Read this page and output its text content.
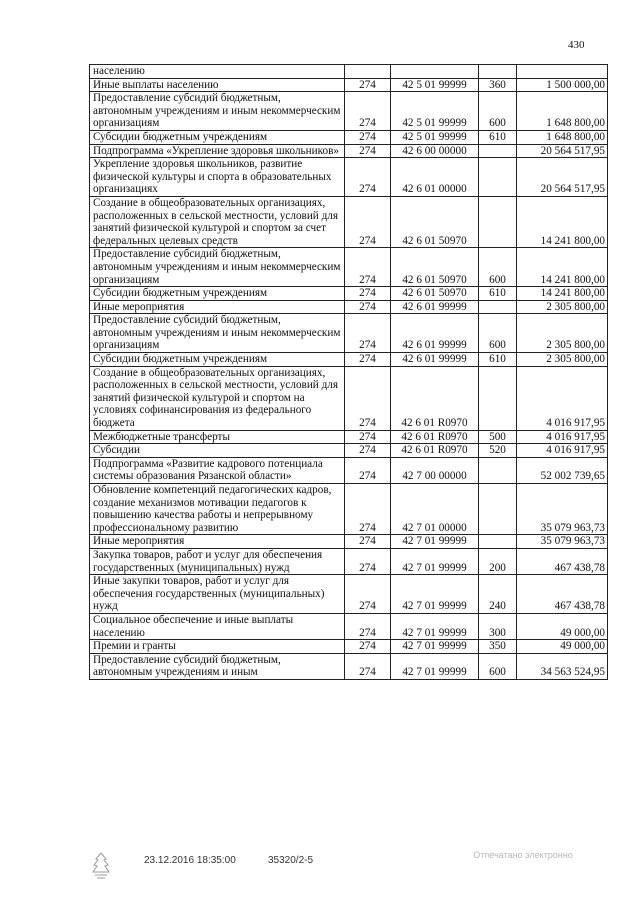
430
населению				
Иные выплаты населению	274	42 5 01 99999	360	1 500 000,00
Предоставление субсидий бюджетным, автономным учреждениям и иным некоммерческим организациям	274	42 5 01 99999	600	1 648 800,00
Субсидии бюджетным учреждениям	274	42 5 01 99999	610	1 648 800,00
Подпрограмма «Укрепление здоровья школьников»	274	42 6 00 00000		20 564 517,95
Укрепление здоровья школьников, развитие физической культуры и спорта в образовательных организациях	274	42 6 01 00000		20 564 517,95
Создание в общеобразовательных организациях, расположенных в сельской местности, условий для занятий физической культурой и спортом за счет федеральных целевых средств	274	42 6 01 50970		14 241 800,00
Предоставление субсидий бюджетным, автономным учреждениям и иным некоммерческим организациям	274	42 6 01 50970	600	14 241 800,00
Субсидии бюджетным учреждениям	274	42 6 01 50970	610	14 241 800,00
Иные мероприятия	274	42 6 01 99999		2 305 800,00
Предоставление субсидий бюджетным, автономным учреждениям и иным некоммерческим организациям	274	42 6 01 99999	600	2 305 800,00
Субсидии бюджетным учреждениям	274	42 6 01 99999	610	2 305 800,00
Создание в общеобразовательных организациях, расположенных в сельской местности, условий для занятий физической культурой и спортом на условиях софинансирования из федерального бюджета	274	42 6 01 R0970		4 016 917,95
Межбюджетные трансферты	274	42 6 01 R0970	500	4 016 917,95
Субсидии	274	42 6 01 R0970	520	4 016 917,95
Подпрограмма «Развитие кадрового потенциала системы образования Рязанской области»	274	42 7 00 00000		52 002 739,65
Обновление компетенций педагогических кадров, создание механизмов мотивации педагогов к повышению качества работы и непрерывному профессиональному развитию	274	42 7 01 00000		35 079 963,73
Иные мероприятия	274	42 7 01 99999		35 079 963,73
Закупка товаров, работ и услуг для обеспечения государственных (муниципальных) нужд	274	42 7 01 99999	200	467 438,78
Иные закупки товаров, работ и услуг для обеспечения государственных (муниципальных) нужд	274	42 7 01 99999	240	467 438,78
Социальное обеспечение и иные выплаты населению	274	42 7 01 99999	300	49 000,00
Премии и гранты	274	42 7 01 99999	350	49 000,00
Предоставление субсидий бюджетным, автономным учреждениям и иным	274	42 7 01 99999	600	34 563 524,95
23.12.2016 18:35:00	35320/2-5	Отпечатано электронно
